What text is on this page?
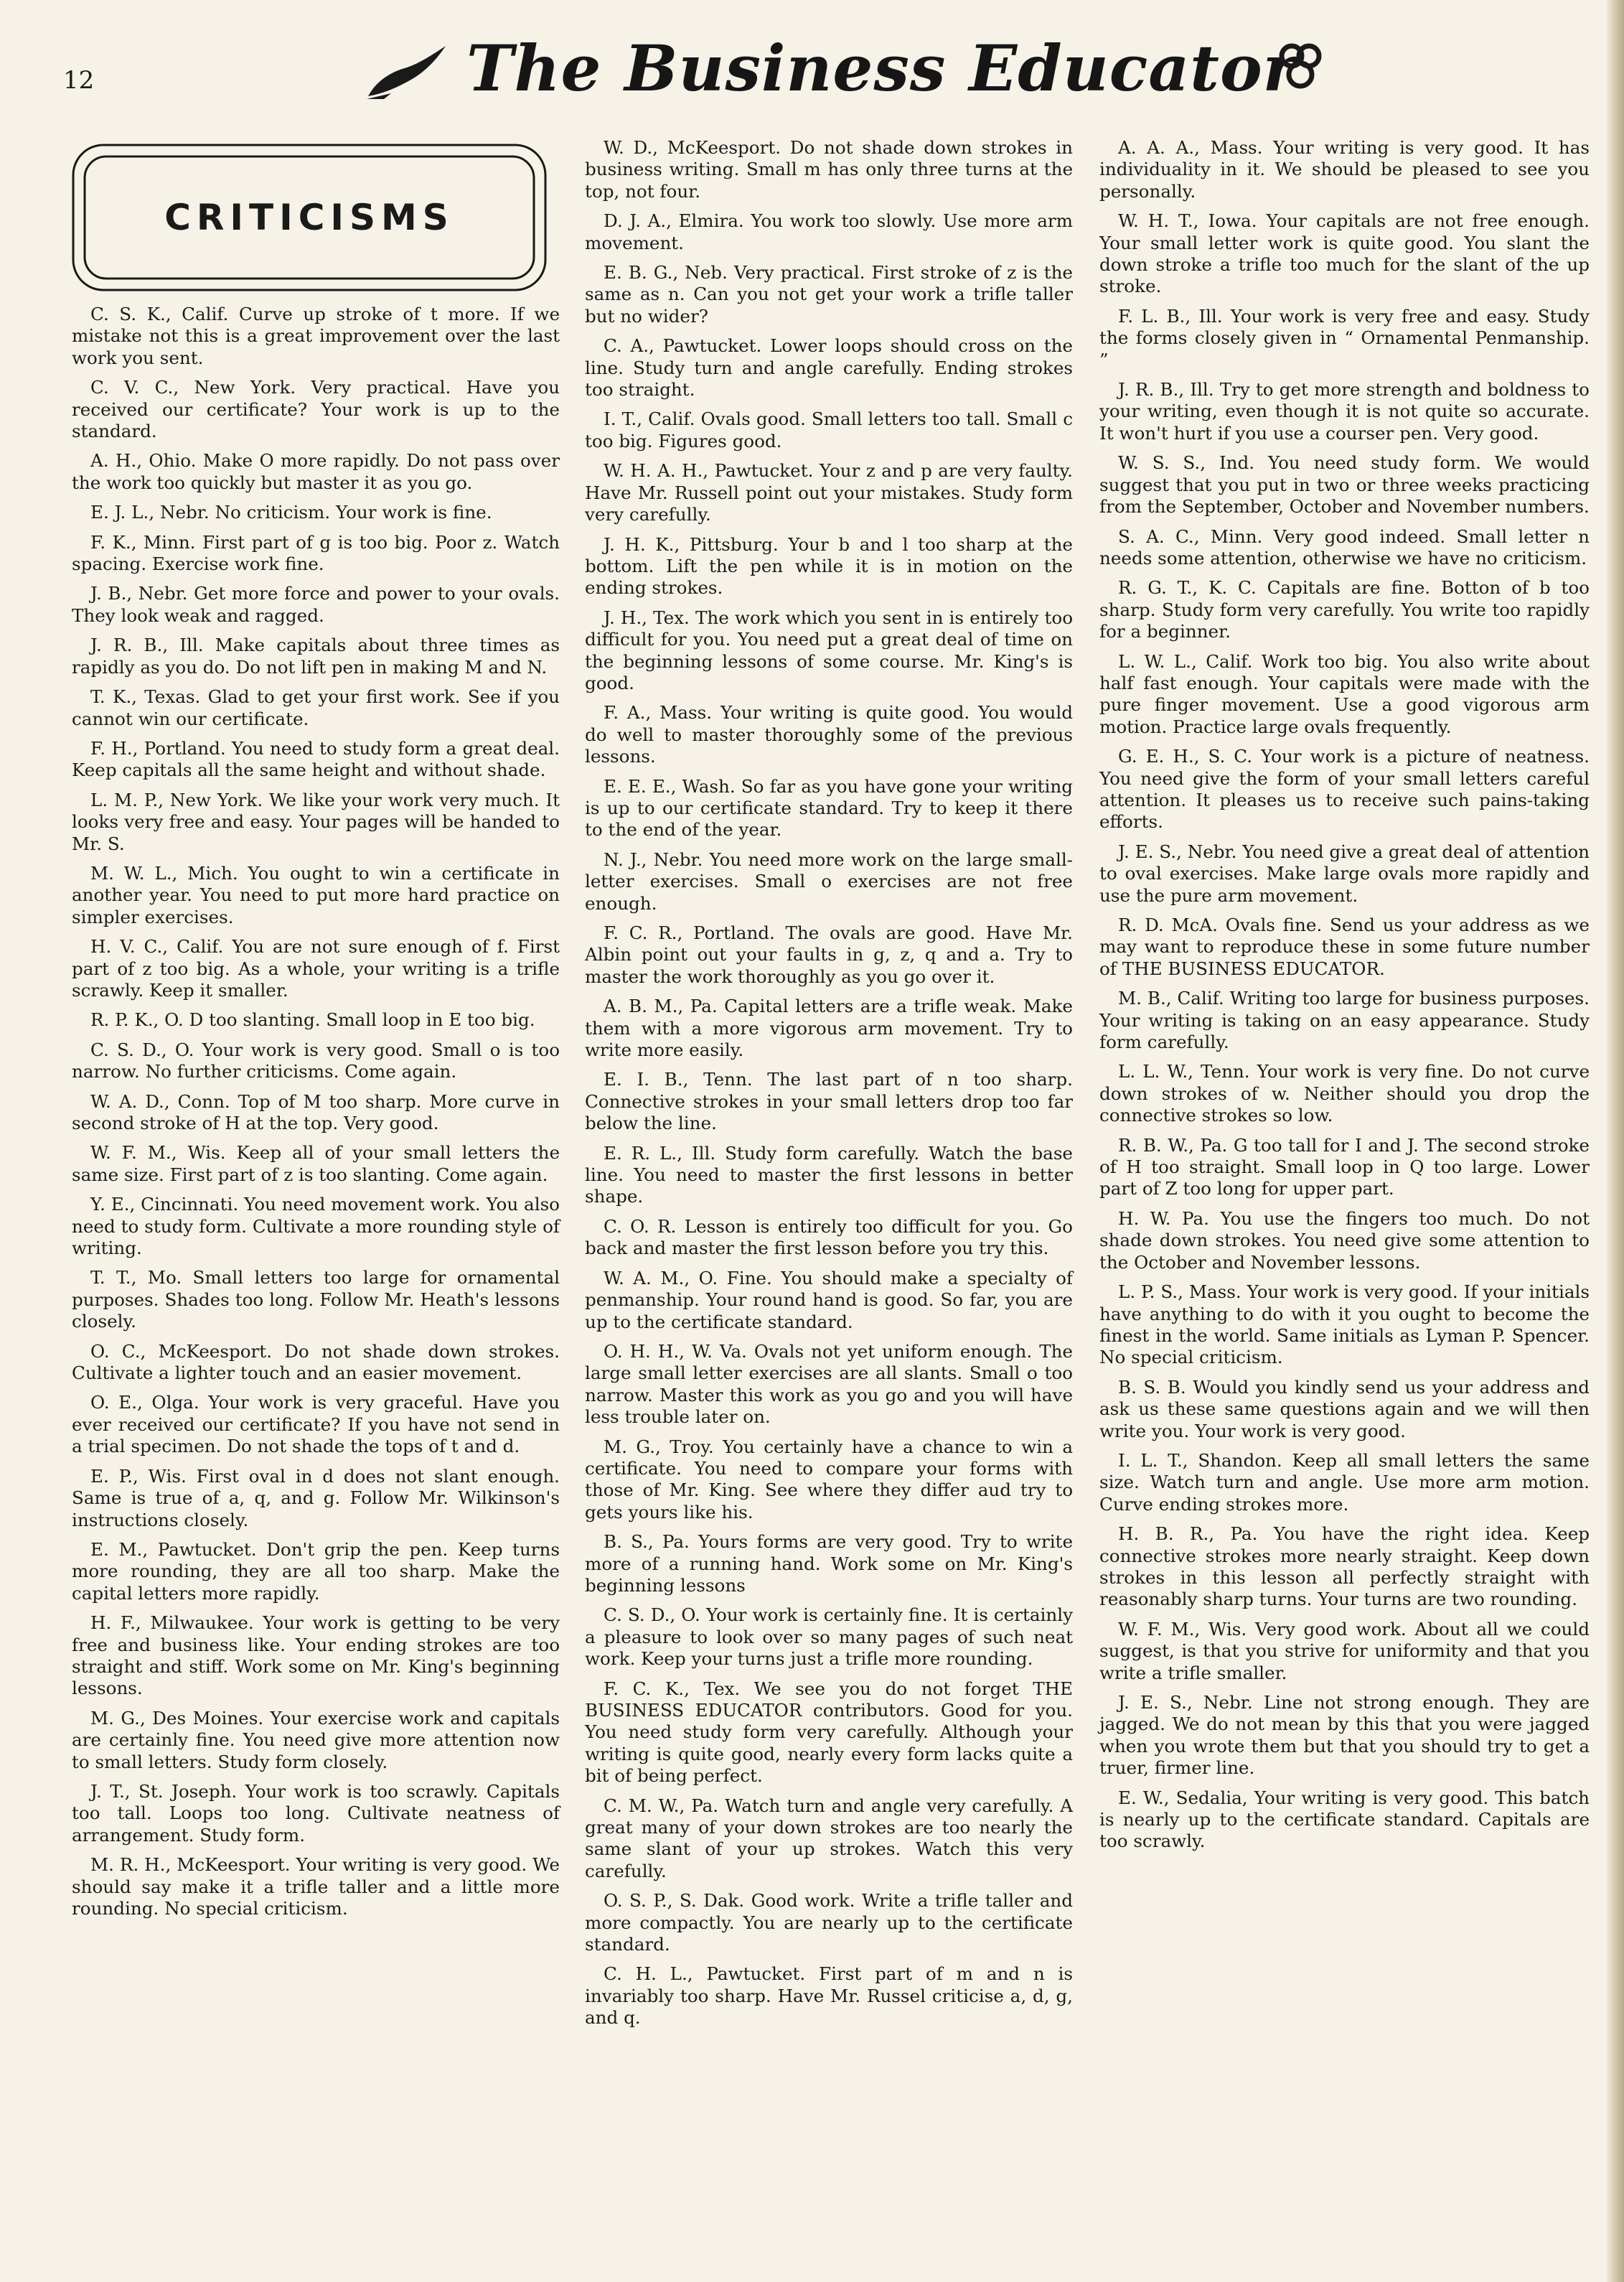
12	The Business Educator
CRITICISMS

C. S. K., Calif. Curve up stroke of t more. If we mistake not this is a great improvement over the last work you sent.

C. V. C., New York. Very practical. Have you received our certificate? Your work is up to the standard.

A. H., Ohio. Make O more rapidly. Do not pass over the work too quickly but master it as you go.

E. J. L., Nebr. No criticism. Your work is fine.

F. K., Minn. First part of g is too big. Poor z. Watch spacing. Exercise work fine.

J. B., Nebr. Get more force and power to your ovals. They look weak and ragged.

J. R. B., Ill. Make capitals about three times as rapidly as you do. Do not lift pen in making M and N.

T. K., Texas. Glad to get your first work. See if you cannot win our certificate.

F. H., Portland. You need to study form a great deal. Keep capitals all the same height and without shade.

L. M. P., New York. We like your work very much. It looks very free and easy. Your pages will be handed to Mr. S.

M. W. L., Mich. You ought to win a certificate in another year. You need to put more hard practice on simpler exercises.

H. V. C., Calif. You are not sure enough of f. First part of z too big. As a whole, your writing is a trifle scrawly. Keep it smaller.

R. P. K., O. D too slanting. Small loop in E too big.

C. S. D., O. Your work is very good. Small o is too narrow. No further criticisms. Come again.

W. A. D., Conn. Top of M too sharp. More curve in second stroke of H at the top. Very good.

W. F. M., Wis. Keep all of your small letters the same size. First part of z is too slanting. Come again.

Y. E., Cincinnati. You need movement work. You also need to study form. Cultivate a more rounding style of writing.

T. T., Mo. Small letters too large for ornamental purposes. Shades too long. Follow Mr. Heath's lessons closely.

O. C., McKeesport. Do not shade down strokes. Cultivate a lighter touch and an easier movement.

O. E., Olga. Your work is very graceful. Have you ever received our certificate? If you have not send in a trial specimen. Do not shade the tops of t and d.

E. P., Wis. First oval in d does not slant enough. Same is true of a, q, and g. Follow Mr. Wilkinson's instructions closely.

E. M., Pawtucket. Don't grip the pen. Keep turns more rounding, they are all too sharp. Make the capital letters more rapidly.

H. F., Milwaukee. Your work is getting to be very free and business like. Your ending strokes are too straight and stiff. Work some on Mr. King's beginning lessons.

M. G., Des Moines. Your exercise work and capitals are certainly fine. You need give more attention now to small letters. Study form closely.

J. T., St. Joseph. Your work is too scrawly. Capitals too tall. Loops too long. Cultivate neatness of arrangement. Study form.

M. R. H., McKeesport. Your writing is very good. We should say make it a trifle taller and a little more rounding. No special criticism.

W. D., McKeesport. Do not shade down strokes in business writing. Small m has only three turns at the top, not four.

D. J. A., Elmira. You work too slowly. Use more arm movement.

E. B. G., Neb. Very practical. First stroke of z is the same as n. Can you not get your work a trifle taller but no wider?

C. A., Pawtucket. Lower loops should cross on the line. Study turn and angle carefully. Ending strokes too straight.

I. T., Calif. Ovals good. Small letters too tall. Small c too big. Figures good.

W. H. A. H., Pawtucket. Your z and p are very faulty. Have Mr. Russell point out your mistakes. Study form very carefully.

J. H. K., Pittsburg. Your b and l too sharp at the bottom. Lift the pen while it is in motion on the ending strokes.

J. H., Tex. The work which you sent in is entirely too difficult for you. You need put a great deal of time on the beginning lessons of some course. Mr. King's is good.

F. A., Mass. Your writing is quite good. You would do well to master thoroughly some of the previous lessons.

E. E. E., Wash. So far as you have gone your writing is up to our certificate standard. Try to keep it there to the end of the year.

N. J., Nebr. You need more work on the large small-letter exercises. Small o exercises are not free enough.

F. C. R., Portland. The ovals are good. Have Mr. Albin point out your faults in g, z, q and a. Try to master the work thoroughly as you go over it.

A. B. M., Pa. Capital letters are a trifle weak. Make them with a more vigorous arm movement. Try to write more easily.

E. I. B., Tenn. The last part of n too sharp. Connective strokes in your small letters drop too far below the line.

E. R. L., Ill. Study form carefully. Watch the base line. You need to master the first lessons in better shape.

C. O. R. Lesson is entirely too difficult for you. Go back and master the first lesson before you try this.

W. A. M., O. Fine. You should make a specialty of penmanship. Your round hand is good. So far, you are up to the certificate standard.

O. H. H., W. Va. Ovals not yet uniform enough. The large small letter exercises are all slants. Small o too narrow. Master this work as you go and you will have less trouble later on.

M. G., Troy. You certainly have a chance to win a certificate. You need to compare your forms with those of Mr. King. See where they differ aud try to gets yours like his.

B. S., Pa. Yours forms are very good. Try to write more of a running hand. Work some on Mr. King's beginning lessons

C. S. D., O. Your work is certainly fine. It is certainly a pleasure to look over so many pages of such neat work. Keep your turns just a trifle more rounding.

F. C. K., Tex. We see you do not forget THE BUSINESS EDUCATOR contributors. Good for you. You need study form very carefully. Although your writing is quite good, nearly every form lacks quite a bit of being perfect.

C. M. W., Pa. Watch turn and angle very carefully. A great many of your down strokes are too nearly the same slant of your up strokes. Watch this very carefully.

O. S. P., S. Dak. Good work. Write a trifle taller and more compactly. You are nearly up to the certificate standard.

C. H. L., Pawtucket. First part of m and n is invariably too sharp. Have Mr. Russel criticise a, d, g, and q.

A. A. A., Mass. Your writing is very good. It has individuality in it. We should be pleased to see you personally.

W. H. T., Iowa. Your capitals are not free enough. Your small letter work is quite good. You slant the down stroke a trifle too much for the slant of the up stroke.

F. L. B., Ill. Your work is very free and easy. Study the forms closely given in “ Ornamental Penmanship. ”

J. R. B., Ill. Try to get more strength and boldness to your writing, even though it is not quite so accurate. It won't hurt if you use a courser pen. Very good.

W. S. S., Ind. You need study form. We would suggest that you put in two or three weeks practicing from the September, October and November numbers.

S. A. C., Minn. Very good indeed. Small letter n needs some attention, otherwise we have no criticism.

R. G. T., K. C. Capitals are fine. Botton of b too sharp. Study form very carefully. You write too rapidly for a beginner.

L. W. L., Calif. Work too big. You also write about half fast enough. Your capitals were made with the pure finger movement. Use a good vigorous arm motion. Practice large ovals frequently.

G. E. H., S. C. Your work is a picture of neatness. You need give the form of your small letters careful attention. It pleases us to receive such pains-taking efforts.

J. E. S., Nebr. You need give a great deal of attention to oval exercises. Make large ovals more rapidly and use the pure arm movement.

R. D. McA. Ovals fine. Send us your address as we may want to reproduce these in some future number of THE BUSINESS EDUCATOR.

M. B., Calif. Writing too large for business purposes. Your writing is taking on an easy appearance. Study form carefully.

L. L. W., Tenn. Your work is very fine. Do not curve down strokes of w. Neither should you drop the connective strokes so low.

R. B. W., Pa. G too tall for I and J. The second stroke of H too straight. Small loop in Q too large. Lower part of Z too long for upper part.

H. W. Pa. You use the fingers too much. Do not shade down strokes. You need give some attention to the October and November lessons.

L. P. S., Mass. Your work is very good. If your initials have anything to do with it you ought to become the finest in the world. Same initials as Lyman P. Spencer. No special criticism.

B. S. B. Would you kindly send us your address and ask us these same questions again and we will then write you. Your work is very good.

I. L. T., Shandon. Keep all small letters the same size. Watch turn and angle. Use more arm motion. Curve ending strokes more.

H. B. R., Pa. You have the right idea. Keep connective strokes more nearly straight. Keep down strokes in this lesson all perfectly straight with reasonably sharp turns. Your turns are two rounding.

W. F. M., Wis. Very good work. About all we could suggest, is that you strive for uniformity and that you write a trifle smaller.

J. E. S., Nebr. Line not strong enough. They are jagged. We do not mean by this that you were jagged when you wrote them but that you should try to get a truer, firmer line.

E. W., Sedalia, Your writing is very good. This batch is nearly up to the certificate standard. Capitals are too scrawly.
